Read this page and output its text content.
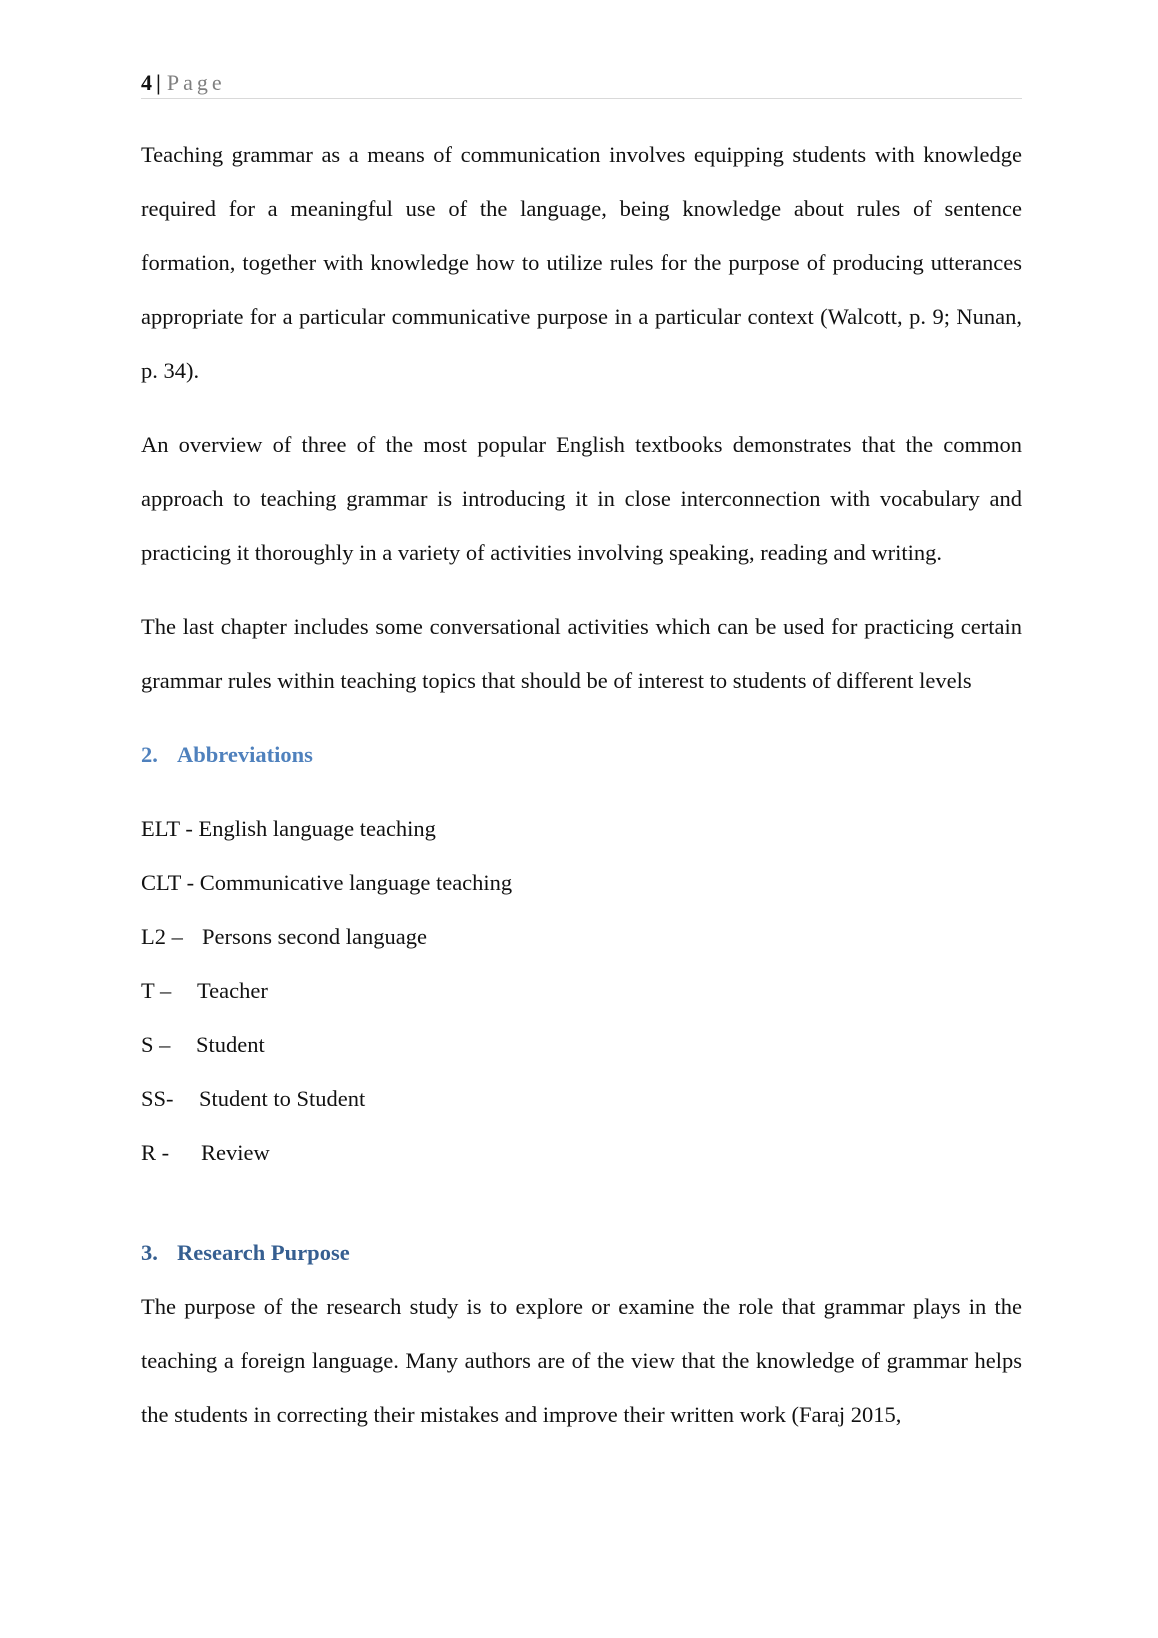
4 | Page

Teaching grammar as a means of communication involves equipping students with knowledge required for a meaningful use of the language, being knowledge about rules of sentence formation, together with knowledge how to utilize rules for the purpose of producing utterances appropriate for a particular communicative purpose in a particular context (Walcott, p. 9; Nunan, p. 34).

An overview of three of the most popular English textbooks demonstrates that the common approach to teaching grammar is introducing it in close interconnection with vocabulary and practicing it thoroughly in a variety of activities involving speaking, reading and writing.

The last chapter includes some conversational activities which can be used for practicing certain grammar rules within teaching topics that should be of interest to students of different levels

2. Abbreviations

ELT - English language teaching

CLT - Communicative language teaching

L2 – Persons second language

T – Teacher

S – Student

SS- Student to Student

R - Review

3. Research Purpose

The purpose of the research study is to explore or examine the role that grammar plays in the teaching a foreign language. Many authors are of the view that the knowledge of grammar helps the students in correcting their mistakes and improve their written work (Faraj 2015,
